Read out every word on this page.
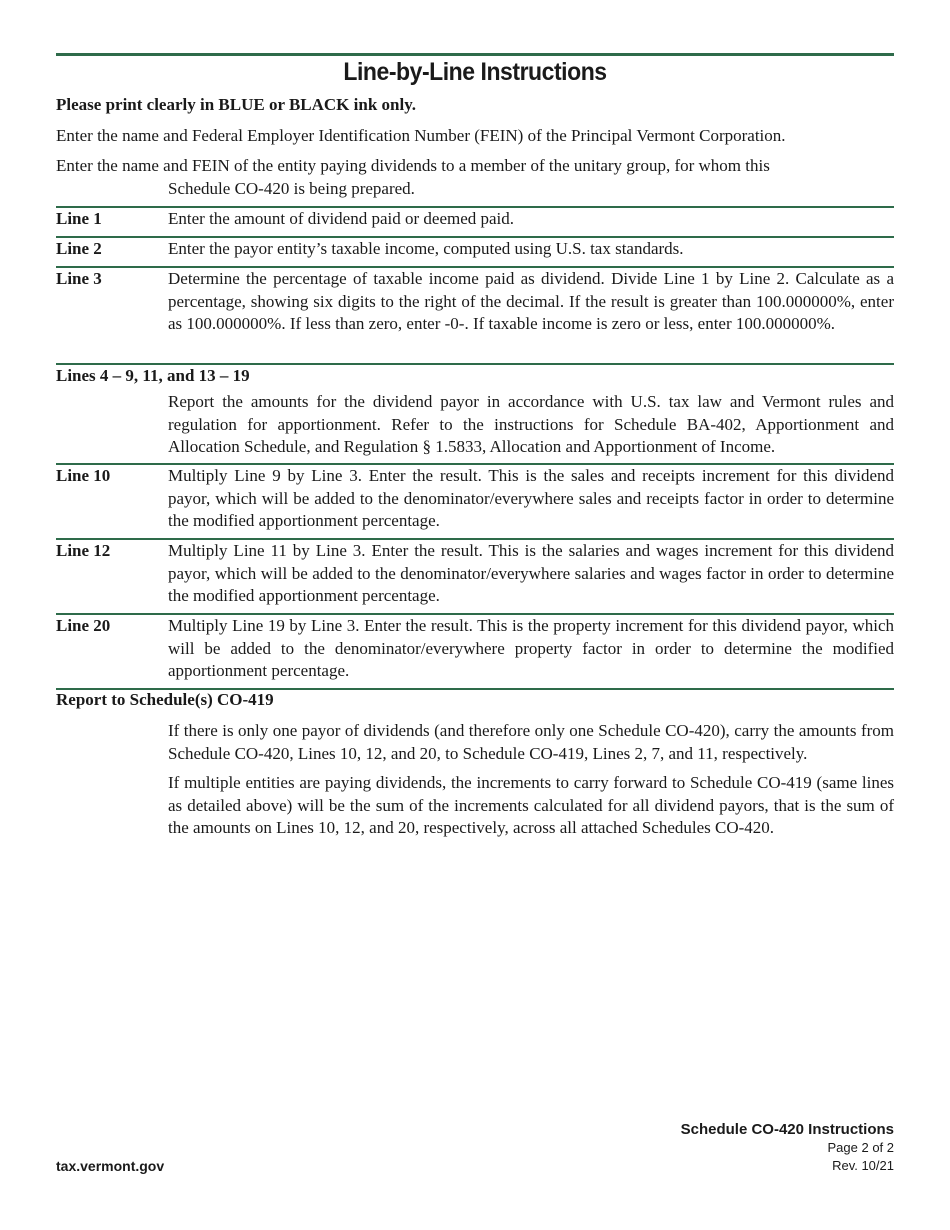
Line-by-Line Instructions
Please print clearly in BLUE or BLACK ink only.
Enter the name and Federal Employer Identification Number (FEIN) of the Principal Vermont Corporation.
Enter the name and FEIN of the entity paying dividends to a member of the unitary group, for whom this
Schedule CO-420 is being prepared.
Line 1	Enter the amount of dividend paid or deemed paid.
Line 2	Enter the payor entity’s taxable income, computed using U.S. tax standards.
Line 3	Determine the percentage of taxable income paid as dividend. Divide Line 1 by Line 2. Calculate as a percentage, showing six digits to the right of the decimal. If the result is greater than 100.000000%, enter as 100.000000%. If less than zero, enter -0-. If taxable income is zero or less, enter 100.000000%.
Lines 4 – 9, 11, and 13 – 19
Report the amounts for the dividend payor in accordance with U.S. tax law and Vermont rules and regulation for apportionment. Refer to the instructions for Schedule BA-402, Apportionment and Allocation Schedule, and Regulation § 1.5833, Allocation and Apportionment of Income.
Line 10	Multiply Line 9 by Line 3. Enter the result. This is the sales and receipts increment for this dividend payor, which will be added to the denominator/everywhere sales and receipts factor in order to determine the modified apportionment percentage.
Line 12	Multiply Line 11 by Line 3. Enter the result. This is the salaries and wages increment for this dividend payor, which will be added to the denominator/everywhere salaries and wages factor in order to determine the modified apportionment percentage.
Line 20	Multiply Line 19 by Line 3. Enter the result. This is the property increment for this dividend payor, which will be added to the denominator/everywhere property factor in order to determine the modified apportionment percentage.
Report to Schedule(s) CO-419
If there is only one payor of dividends (and therefore only one Schedule CO-420), carry the amounts from Schedule CO-420, Lines 10, 12, and 20, to Schedule CO-419, Lines 2, 7, and 11, respectively.
If multiple entities are paying dividends, the increments to carry forward to Schedule CO-419 (same lines as detailed above) will be the sum of the increments calculated for all dividend payors, that is the sum of the amounts on Lines 10, 12, and 20, respectively, across all attached Schedules CO-420.
tax.vermont.gov
Schedule CO-420 Instructions
Page 2 of 2
Rev. 10/21
